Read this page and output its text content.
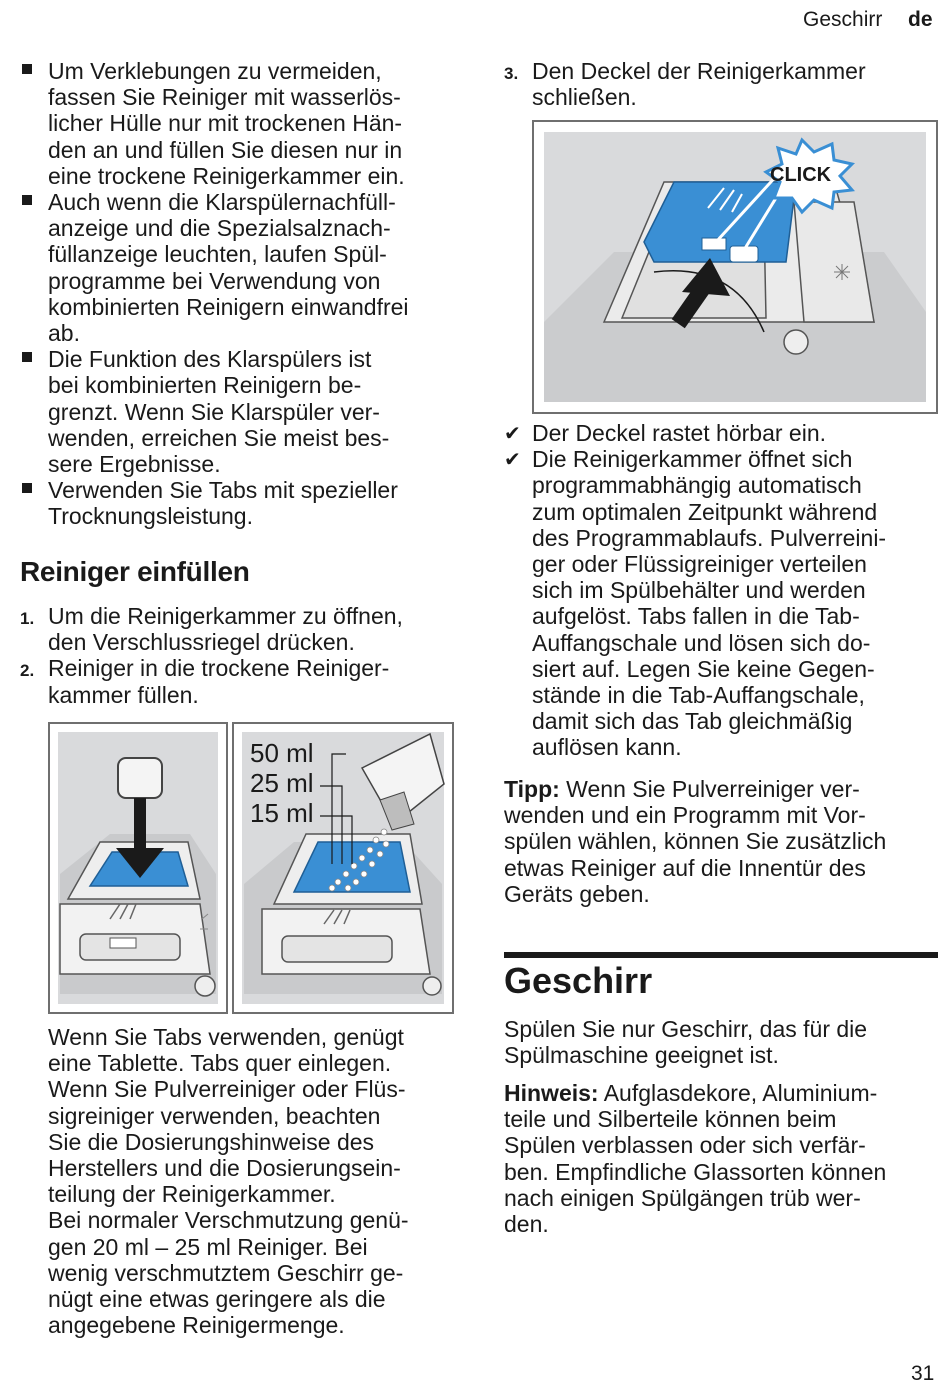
Geschirr de

Um Verklebungen zu vermeiden,

fassen Sie Reiniger mit wasserlös-

licher Hülle nur mit trockenen Hän-

den an und füllen Sie diesen nur in

eine trockene Reinigerkammer ein.

Auch wenn die Klarspülernachfüll-

anzeige und die Spezialsalznach-

füllanzeige leuchten, laufen Spül-

programme bei Verwendung von

kombinierten Reinigern einwandfrei

ab.

Die Funktion des Klarspülers ist

bei kombinierten Reinigern be-

grenzt. Wenn Sie Klarspüler ver-

wenden, erreichen Sie meist bes-

sere Ergebnisse.

Verwenden Sie Tabs mit spezieller

Trocknungsleistung.

Reiniger einfüllen
1. Um die Reinigerkammer zu öffnen,

den Verschlussriegel drücken.

2. Reiniger in die trockene Reiniger-

kammer füllen.

50 ml
25 ml
15 ml

Wenn Sie Tabs verwenden, genügt

eine Tablette. Tabs quer einlegen.

Wenn Sie Pulverreiniger oder Flüs-

sigreiniger verwenden, beachten

Sie die Dosierungshinweise des

Herstellers und die Dosierungsein-

teilung der Reinigerkammer.

Bei normaler Verschmutzung genü-

gen 20 ml – 25 ml Reiniger. Bei

wenig verschmutztem Geschirr ge-

nügt eine etwas geringere als die

angegebene Reinigermenge.

3. Den Deckel der Reinigerkammer

schließen.

CLICK
✔ Der Deckel rastet hörbar ein.

✔ Die Reinigerkammer öffnet sich

programmabhängig automatisch

zum optimalen Zeitpunkt während

des Programmablaufs. Pulverreini-

ger oder Flüssigreiniger verteilen

sich im Spülbehälter und werden

aufgelöst. Tabs fallen in die Tab-

Auffangschale und lösen sich do-

siert auf. Legen Sie keine Gegen-

stände in die Tab-Auffangschale,

damit sich das Tab gleichmäßig

auflösen kann.

Tipp: Wenn Sie Pulverreiniger ver-

wenden und ein Programm mit Vor-

spülen wählen, können Sie zusätzlich

etwas Reiniger auf die Innentür des

Geräts geben.

Geschirr

Spülen Sie nur Geschirr, das für die

Spülmaschine geeignet ist.

Hinweis: Aufglasdekore, Aluminium-

teile und Silberteile können beim

Spülen verblassen oder sich verfär-

ben. Empfindliche Glassorten können

nach einigen Spülgängen trüb wer-

den.

31
